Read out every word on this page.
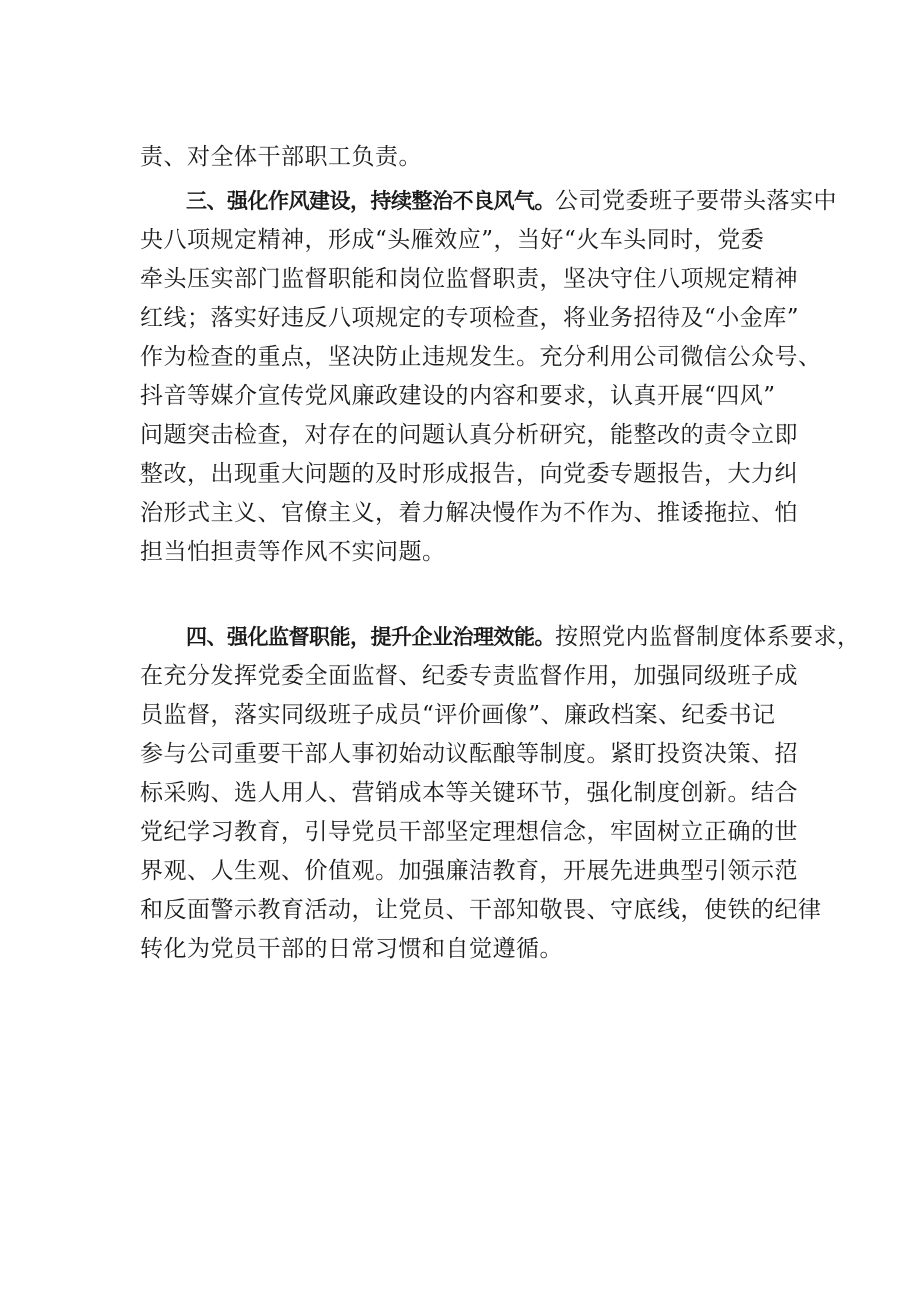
责、对全体干部职工负责。
三、强化作风建设，持续整治不良风气。公司党委班子要带头落实中
央八项规定精神，形成“头雁效应”，当好“火车头同时，党委
牵头压实部门监督职能和岗位监督职责，坚决守住八项规定精神
红线；落实好违反八项规定的专项检查，将业务招待及“小金库”
作为检查的重点，坚决防止违规发生。充分利用公司微信公众号、
抖音等媒介宣传党风廉政建设的内容和要求，认真开展“四风”
问题突击检查，对存在的问题认真分析研究，能整改的责令立即
整改，出现重大问题的及时形成报告，向党委专题报告，大力纠
治形式主义、官僚主义，着力解决慢作为不作为、推诿拖拉、怕
担当怕担责等作风不实问题。
四、强化监督职能，提升企业治理效能。按照党内监督制度体系要求，
在充分发挥党委全面监督、纪委专责监督作用，加强同级班子成
员监督，落实同级班子成员“评价画像”、廉政档案、纪委书记
参与公司重要干部人事初始动议酝酿等制度。紧盯投资决策、招
标采购、选人用人、营销成本等关键环节，强化制度创新。结合
党纪学习教育，引导党员干部坚定理想信念，牢固树立正确的世
界观、人生观、价值观。加强廉洁教育，开展先进典型引领示范
和反面警示教育活动，让党员、干部知敬畏、守底线，使铁的纪律
转化为党员干部的日常习惯和自觉遵循。
